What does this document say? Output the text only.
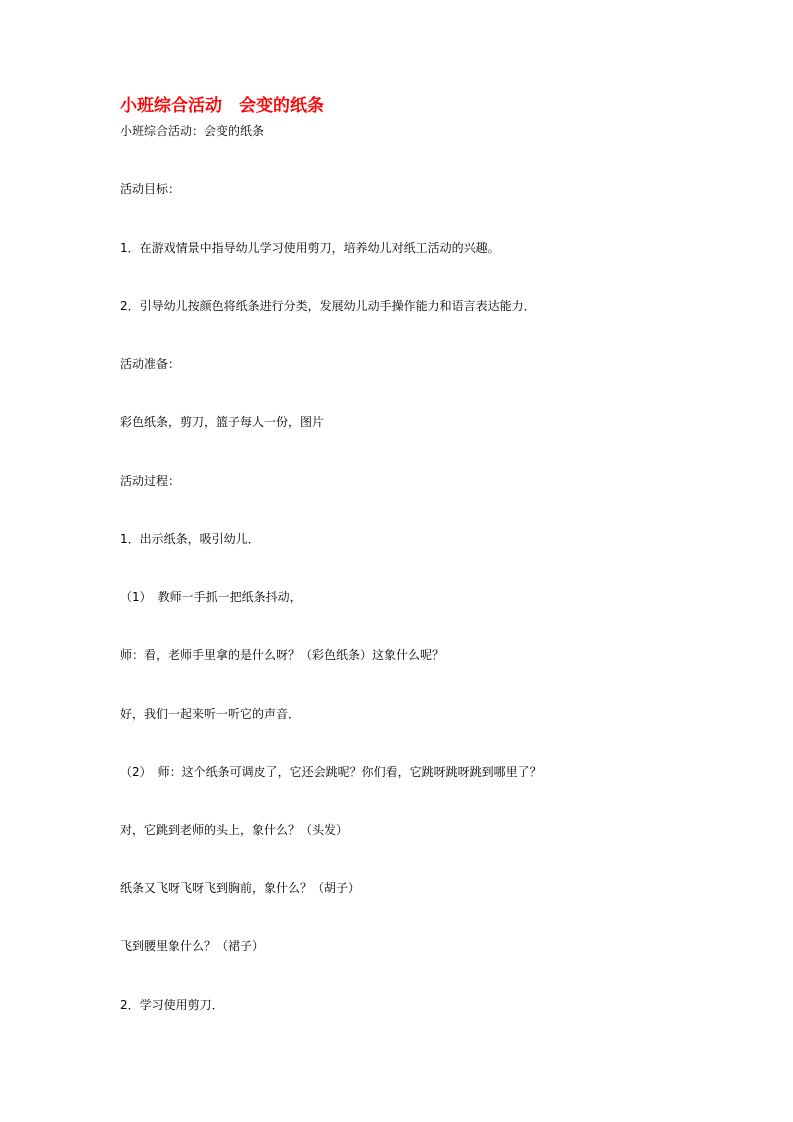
小班综合活动　会变的纸条
小班综合活动：会变的纸条
活动目标：
1．在游戏情景中指导幼儿学习使用剪刀，培养幼儿对纸工活动的兴趣。
2．引导幼儿按颜色将纸条进行分类，发展幼儿动手操作能力和语言表达能力．
活动准备：
彩色纸条，剪刀，篮子每人一份，图片
活动过程：
1．出示纸条，吸引幼儿．
（1）　教师一手抓一把纸条抖动，
师：看，老师手里拿的是什么呀？（彩色纸条）这象什么呢？
好，我们一起来听一听它的声音．
（2）　师：这个纸条可调皮了，它还会跳呢？你们看，它跳呀跳呀跳到哪里了？
对，它跳到老师的头上，象什么？（头发）
纸条又飞呀飞呀飞到胸前，象什么？（胡子）
飞到腰里象什么？（裙子）
2．学习使用剪刀．
